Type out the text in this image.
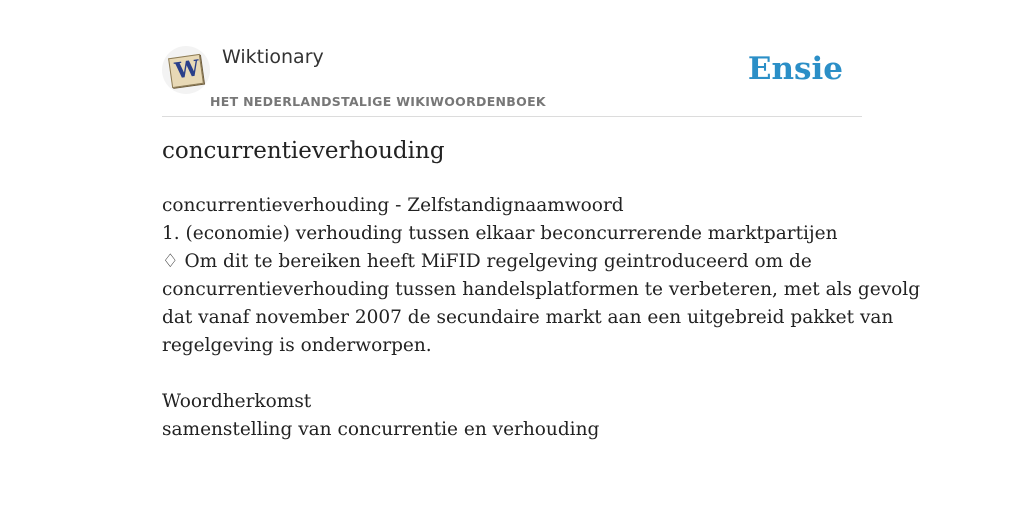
W Wiktionary
HET NEDERLANDSTALIGE WIKIWOORDENBOEK
Ensie
concurrentieverhouding
concurrentieverhouding - Zelfstandignaamwoord
1. (economie) verhouding tussen elkaar beconcurrerende marktpartijen
♢ Om dit te bereiken heeft MiFID regelgeving geintroduceerd om de
concurrentieverhouding tussen handelsplatformen te verbeteren, met als gevolg
dat vanaf november 2007 de secundaire markt aan een uitgebreid pakket van
regelgeving is onderworpen.
Woordherkomst
samenstelling van concurrentie en verhouding
